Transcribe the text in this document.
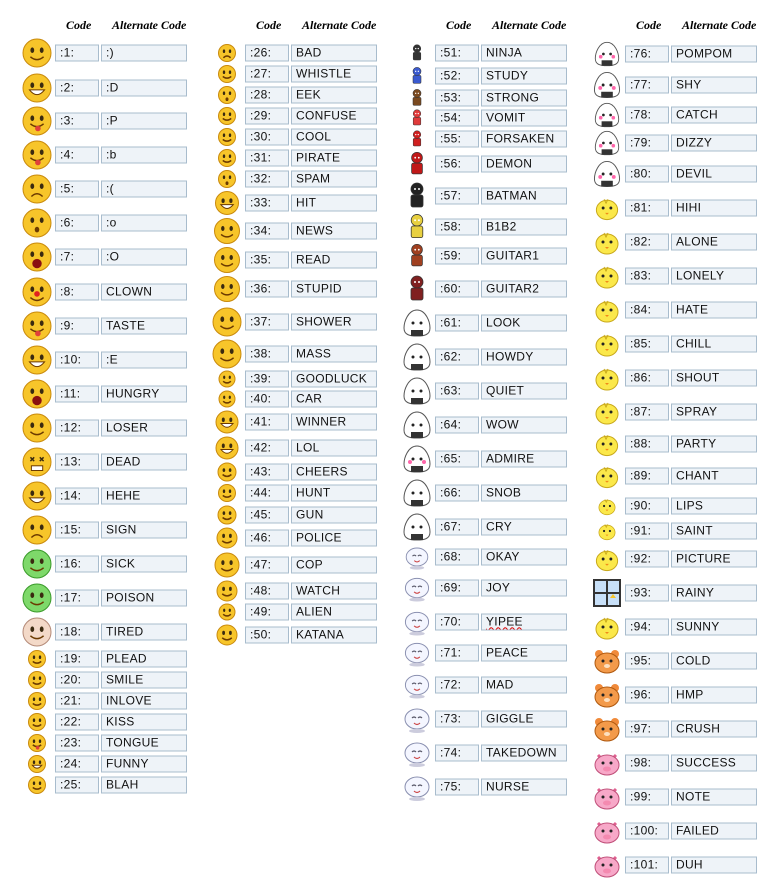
Code Alternate Code
:1:	:)
:2:	:D
:3:	:P
:4:	:b
:5:	:(
:6:	:o
:7:	:O
:8:	CLOWN
:9:	TASTE
:10:	:E
:11:	HUNGRY
:12:	LOSER
:13:	DEAD
:14:	HEHE
:15:	SIGN
:16:	SICK
:17:	POISON
:18:	TIRED
:19:	PLEAD
:20:	SMILE
:21:	INLOVE
:22:	KISS
:23:	TONGUE
:24:	FUNNY
:25:	BLAH
Code Alternate Code
:26:	BAD
:27:	WHISTLE
:28:	EEK
:29:	CONFUSE
:30:	COOL
:31:	PIRATE
:32:	SPAM
:33:	HIT
:34:	NEWS
:35:	READ
:36:	STUPID
:37:	SHOWER
:38:	MASS
:39:	GOODLUCK
:40:	CAR
:41:	WINNER
:42:	LOL
:43:	CHEERS
:44:	HUNT
:45:	GUN
:46:	POLICE
:47:	COP
:48:	WATCH
:49:	ALIEN
:50:	KATANA
Code Alternate Code
:51:	NINJA
:52:	STUDY
:53:	STRONG
:54:	VOMIT
:55:	FORSAKEN
:56:	DEMON
:57:	BATMAN
:58:	B1B2
:59:	GUITAR1
:60:	GUITAR2
:61:	LOOK
:62:	HOWDY
:63:	QUIET
:64:	WOW
:65:	ADMIRE
:66:	SNOB
:67:	CRY
:68:	OKAY
:69:	JOY
:70:	YIPEE
:71:	PEACE
:72:	MAD
:73:	GIGGLE
:74:	TAKEDOWN
:75:	NURSE
Code Alternate Code
:76:	POMPOM
:77:	SHY
:78:	CATCH
:79:	DIZZY
:80:	DEVIL
:81:	HIHI
:82:	ALONE
:83:	LONELY
:84:	HATE
:85:	CHILL
:86:	SHOUT
:87:	SPRAY
:88:	PARTY
:89:	CHANT
:90:	LIPS
:91:	SAINT
:92:	PICTURE
:93:	RAINY
:94:	SUNNY
:95:	COLD
:96:	HMP
:97:	CRUSH
:98:	SUCCESS
:99:	NOTE
:100:	FAILED
:101:	DUH
